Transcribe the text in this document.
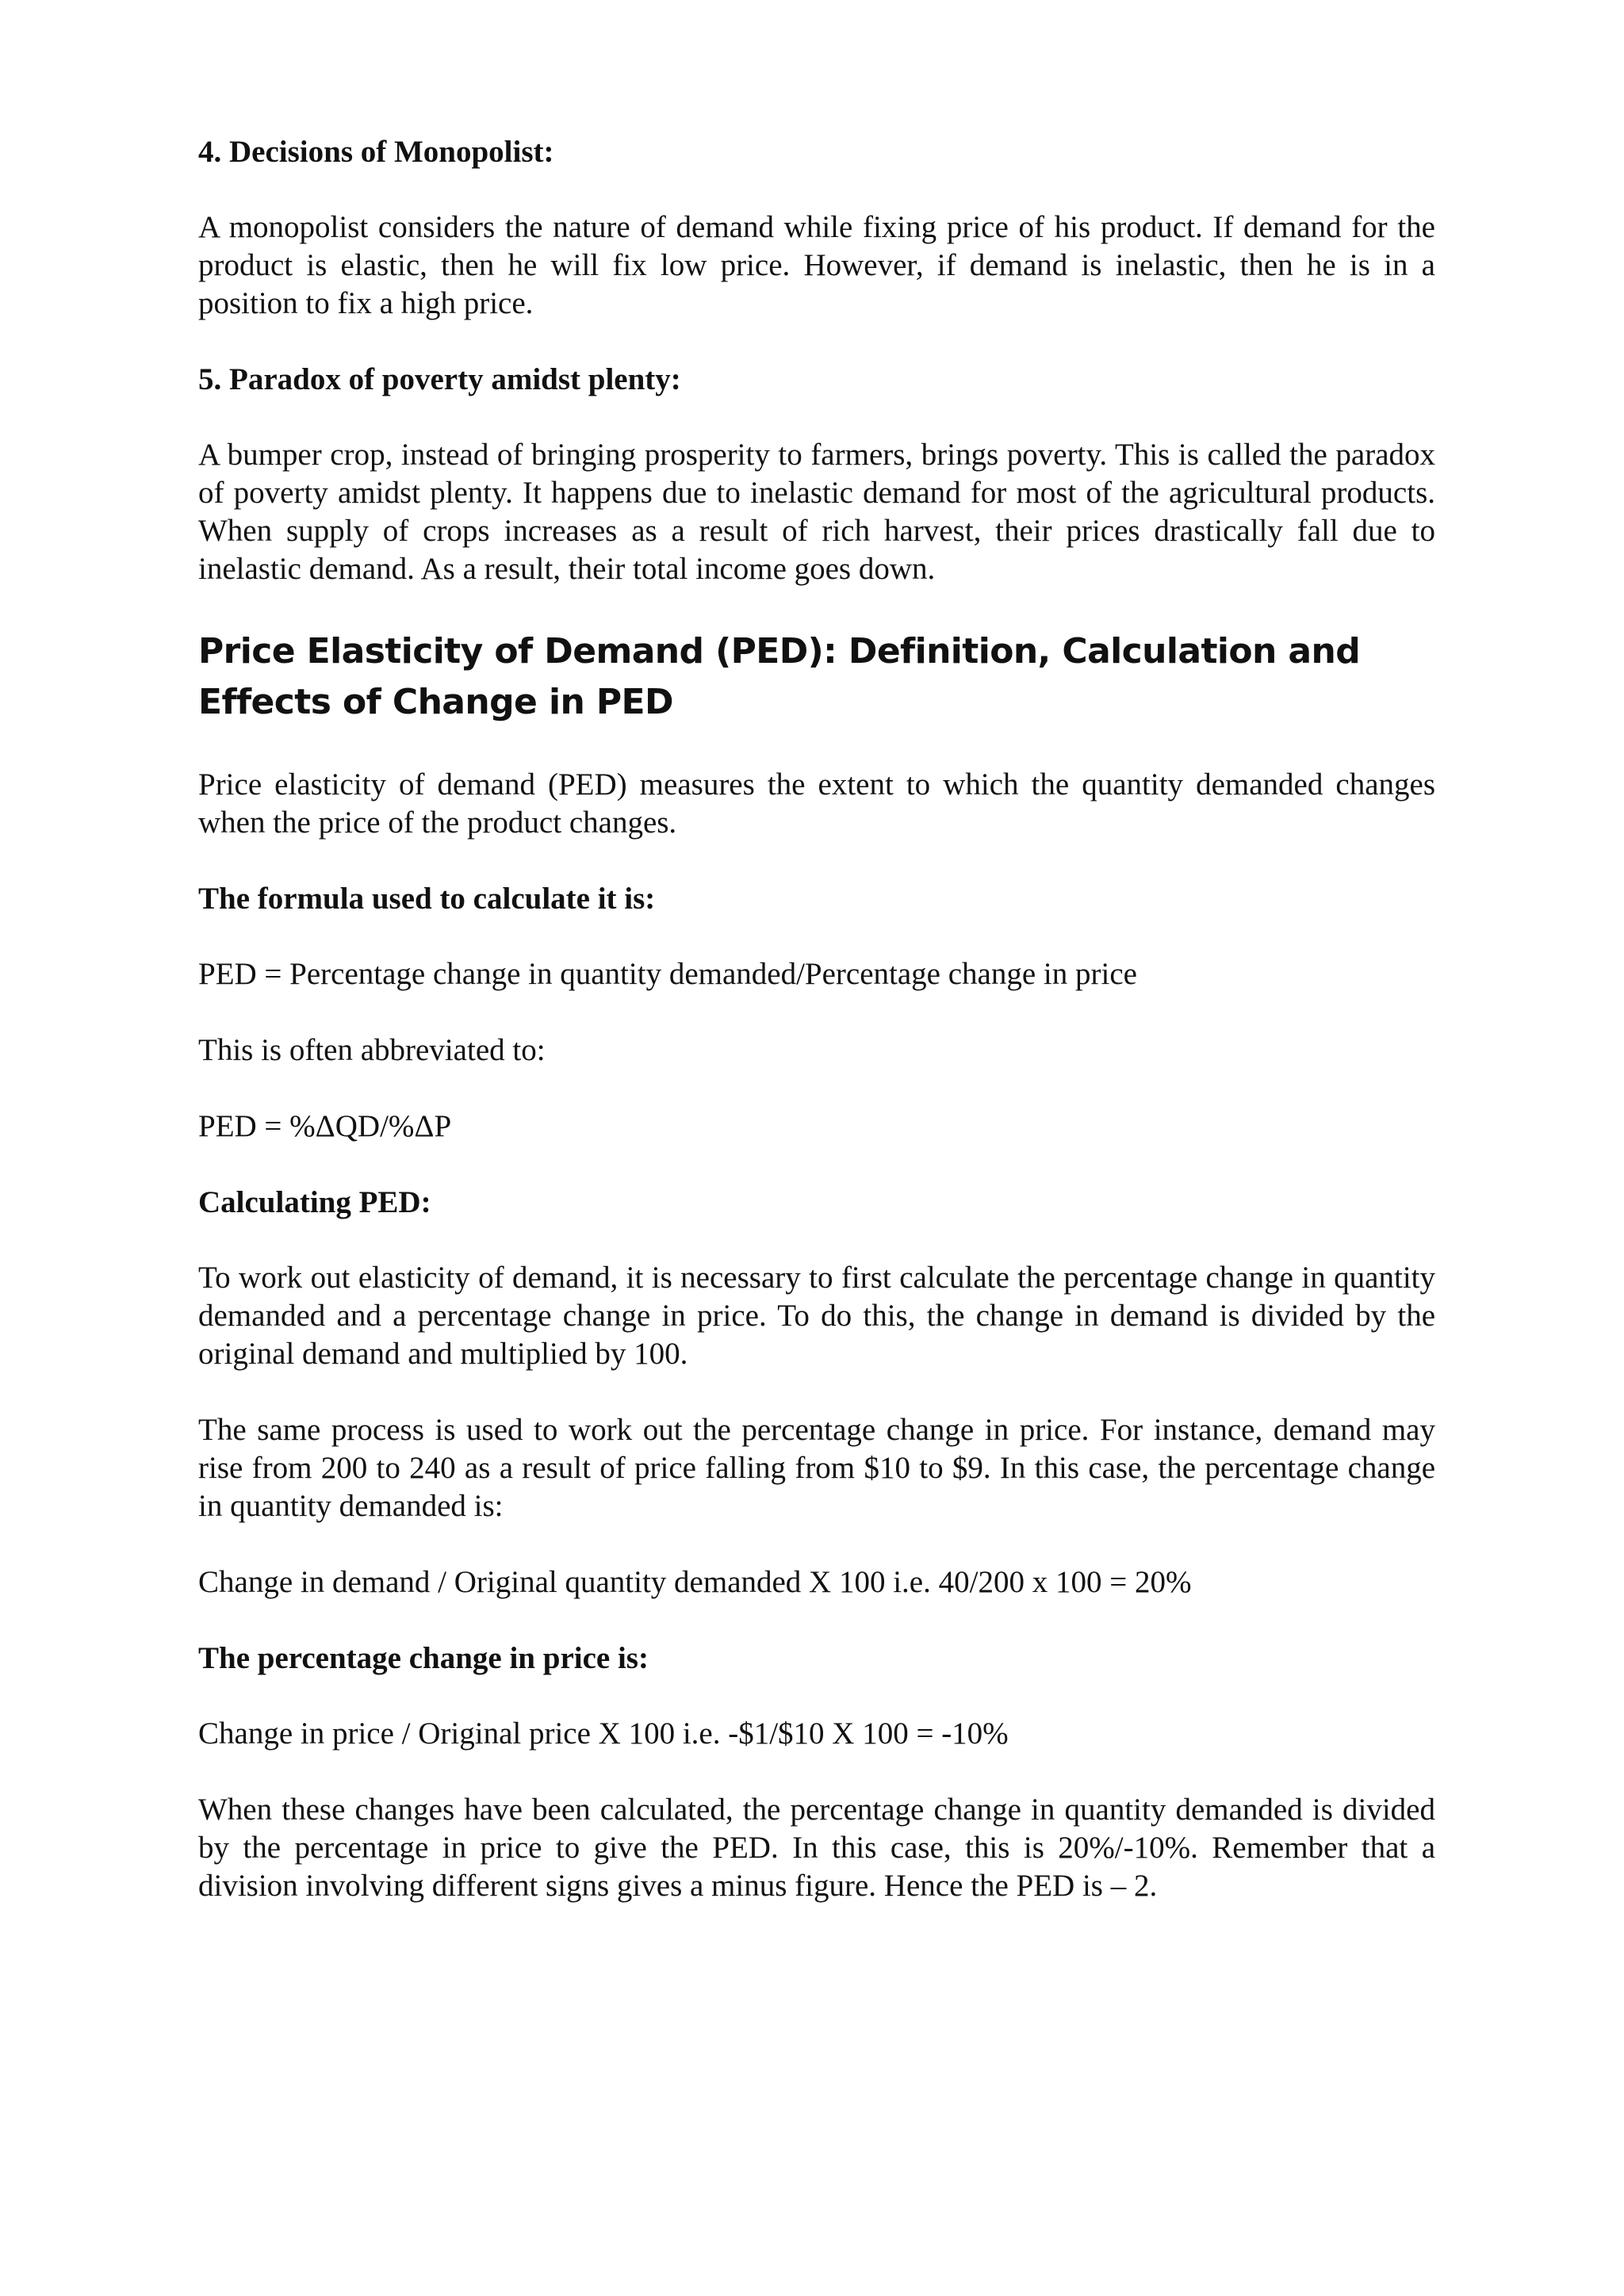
4. Decisions of Monopolist:

A monopolist considers the nature of demand while fixing price of his product. If demand for the product is elastic, then he will fix low price. However, if demand is inelastic, then he is in a position to fix a high price.

5. Paradox of poverty amidst plenty:

A bumper crop, instead of bringing prosperity to farmers, brings poverty. This is called the paradox of poverty amidst plenty. It happens due to inelastic demand for most of the agricultural products. When supply of crops increases as a result of rich harvest, their prices drastically fall due to inelastic demand. As a result, their total income goes down.

Price Elasticity of Demand (PED): Definition, Calculation and Effects of Change in PED

Price elasticity of demand (PED) measures the extent to which the quantity demanded changes when the price of the product changes.

The formula used to calculate it is:

PED = Percentage change in quantity demanded/Percentage change in price

This is often abbreviated to:

PED = %ΔQD/%ΔP

Calculating PED:

To work out elasticity of demand, it is necessary to first calculate the percentage change in quantity demanded and a percentage change in price. To do this, the change in demand is divided by the original demand and multiplied by 100.

The same process is used to work out the percentage change in price. For instance, demand may rise from 200 to 240 as a result of price falling from $10 to $9. In this case, the percentage change in quantity demanded is:

Change in demand / Original quantity demanded X 100 i.e. 40/200 x 100 = 20%

The percentage change in price is:

Change in price / Original price X 100 i.e. -$1/$10 X 100 = -10%

When these changes have been calculated, the percentage change in quantity demanded is divided by the percentage in price to give the PED. In this case, this is 20%/-10%. Remember that a division involving different signs gives a minus figure. Hence the PED is – 2.
